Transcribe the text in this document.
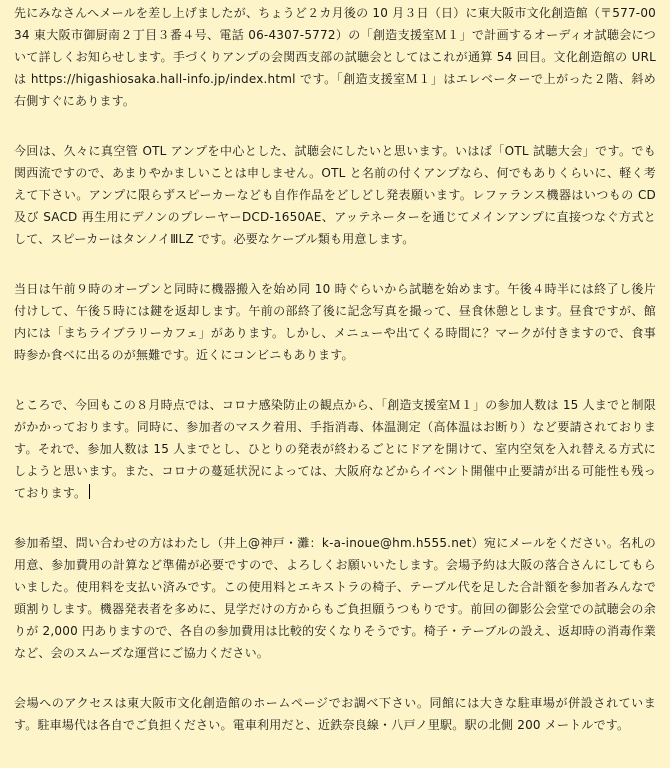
先にみなさんへメールを差し上げましたが、ちょうど２カ月後の 10 月３日（日）に東大阪市文化創造館（〒577-0034 東大阪市御厨南２丁目３番４号、電話 06-4307-5772）の「創造支援室Ｍ１」で計画するオーディオ試聴会について詳しくお知らせします。手づくりアンプの会関西支部の試聴会としてはこれが通算 54 回目。文化創造館の URL は https://higashiosaka.hall-info.jp/index.html です。「創造支援室Ｍ１」はエレベーターで上がった２階、斜め右側すぐにあります。

今回は、久々に真空管 OTL アンプを中心とした、試聴会にしたいと思います。いはば「OTL 試聴大会」です。でも関西流ですので、あまりやかましいことは申しません。OTL と名前の付くアンプなら、何でもありくらいに、軽く考えて下さい。アンプに限らずスピーカーなども自作作品をどしどし発表願います。レファランス機器はいつもの CD 及び SACD 再生用にデノンのプレーヤーDCD-1650AE、アッテネーターを通じてメインアンプに直接つなぐ方式として、スピーカーはタンノイⅢLZ です。必要なケーブル類も用意します。

当日は午前９時のオープンと同時に機器搬入を始め同 10 時ぐらいから試聴を始めます。午後４時半には終了し後片付けして、午後５時には鍵を返却します。午前の部終了後に記念写真を撮って、昼食休憩とします。昼食ですが、館内には「まちライブラリーカフェ」があります。しかし、メニューや出てくる時間に？マークが付きますので、食事時参か食べに出るのが無難です。近くにコンビニもあります。

ところで、今回もこの８月時点では、コロナ感染防止の観点から、「創造支援室Ｍ１」の参加人数は 15 人までと制限がかかっております。同時に、参加者のマスク着用、手指消毒、体温測定（高体温はお断り）など要請されております。それで、参加人数は 15 人までとし、ひとりの発表が終わるごとにドアを開けて、室内空気を入れ替える方式にしようと思います。また、コロナの蔓延状況によっては、大阪府などからイベント開催中止要請が出る可能性も残っております。

参加希望、問い合わせの方はわたし（井上@神戸・灘：k-a-inoue@hm.h555.net）宛にメールをください。名札の用意、参加費用の計算など準備が必要ですので、よろしくお願いいたします。会場予約は大阪の落合さんにしてもらいました。使用料を支払い済みです。この使用料とエキストラの椅子、テーブル代を足した合計額を参加者みんなで頭割りします。機器発表者を多めに、見学だけの方からもご負担願うつもりです。前回の御影公会堂での試聴会の余りが 2,000 円ありますので、各自の参加費用は比較的安くなりそうです。椅子・テーブルの設え、返却時の消毒作業など、会のスムーズな運営にご協力ください。

会場へのアクセスは東大阪市文化創造館のホームページでお調べ下さい。同館には大きな駐車場が併設されています。駐車場代は各自でご負担ください。電車利用だと、近鉄奈良線・八戸ノ里駅。駅の北側 200 メートルです。
